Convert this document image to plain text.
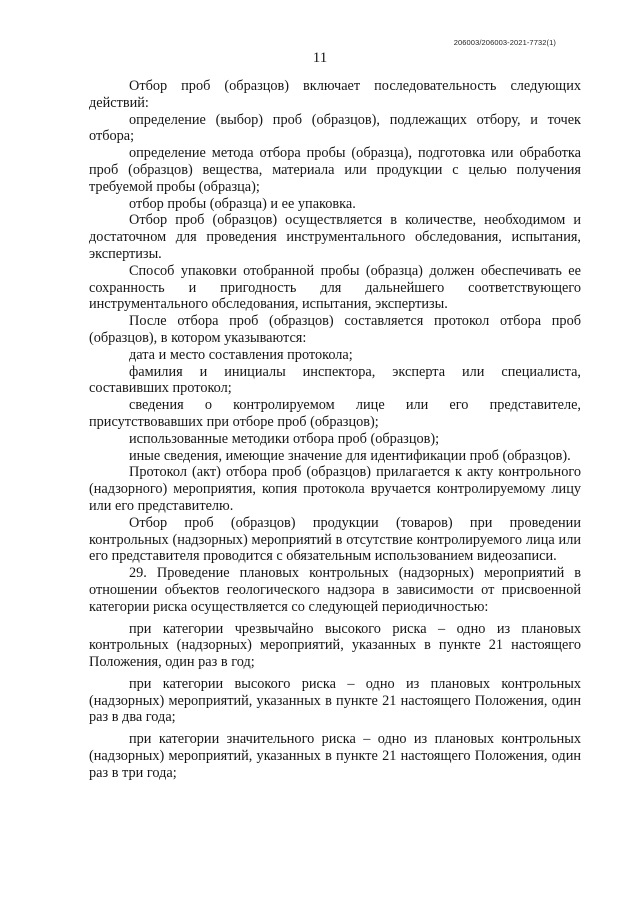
206003/206003-2021-7732(1)
11

Отбор проб (образцов) включает последовательность следующих действий:

определение (выбор) проб (образцов), подлежащих отбору, и точек отбора;

определение метода отбора пробы (образца), подготовка или обработка проб (образцов) вещества, материала или продукции с целью получения требуемой пробы (образца);

отбор пробы (образца) и ее упаковка.

Отбор проб (образцов) осуществляется в количестве, необходимом и достаточном для проведения инструментального обследования, испытания, экспертизы.

Способ упаковки отобранной пробы (образца) должен обеспечивать ее сохранность и пригодность для дальнейшего соответствующего инструментального обследования, испытания, экспертизы.

После отбора проб (образцов) составляется протокол отбора проб (образцов), в котором указываются:

дата и место составления протокола;

фамилия и инициалы инспектора, эксперта или специалиста, составивших протокол;

сведения о контролируемом лице или его представителе, присутствовавших при отборе проб (образцов);

использованные методики отбора проб (образцов);

иные сведения, имеющие значение для идентификации проб (образцов).

Протокол (акт) отбора проб (образцов) прилагается к акту контрольного (надзорного) мероприятия, копия протокола вручается контролируемому лицу или его представителю.

Отбор проб (образцов) продукции (товаров) при проведении контрольных (надзорных) мероприятий в отсутствие контролируемого лица или его представителя проводится с обязательным использованием видеозаписи.

29. Проведение плановых контрольных (надзорных) мероприятий в отношении объектов геологического надзора в зависимости от присвоенной категории риска осуществляется со следующей периодичностью:

при категории чрезвычайно высокого риска – одно из плановых контрольных (надзорных) мероприятий, указанных в пункте 21 настоящего Положения, один раз в год;

при категории высокого риска – одно из плановых контрольных (надзорных) мероприятий, указанных в пункте 21 настоящего Положения, один раз в два года;

при категории значительного риска – одно из плановых контрольных (надзорных) мероприятий, указанных в пункте 21 настоящего Положения, один раз в три года;
